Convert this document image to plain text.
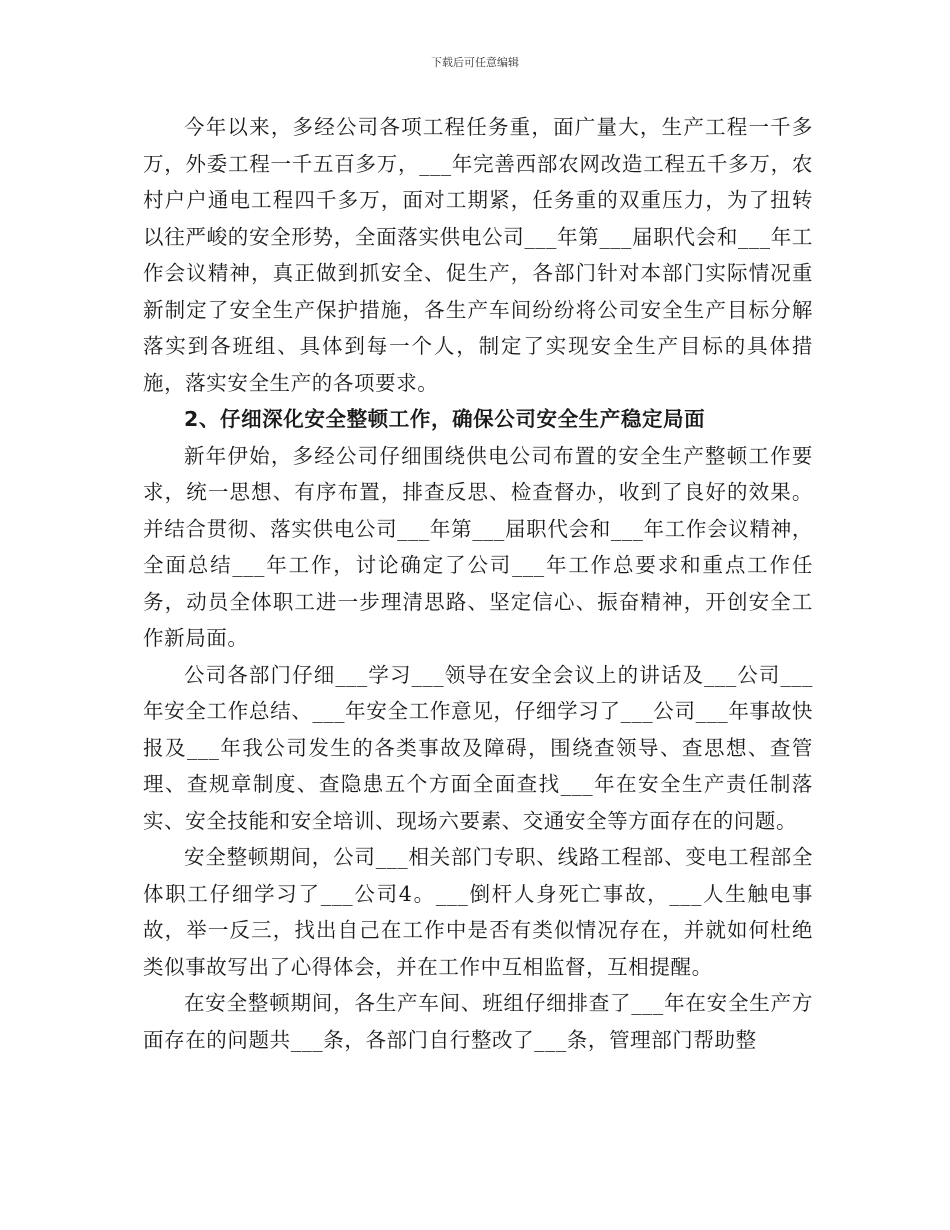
下载后可任意编辑

今年以来，多经公司各项工程任务重，面广量大，生产工程一千多万，外委工程一千五百多万，___年完善西部农网改造工程五千多万，农村户户通电工程四千多万，面对工期紧，任务重的双重压力，为了扭转以往严峻的安全形势，全面落实供电公司___年第___届职代会和___年工作会议精神，真正做到抓安全、促生产，各部门针对本部门实际情况重新制定了安全生产保护措施，各生产车间纷纷将公司安全生产目标分解落实到各班组、具体到每一个人，制定了实现安全生产目标的具体措施，落实安全生产的各项要求。

2、仔细深化安全整顿工作，确保公司安全生产稳定局面

新年伊始，多经公司仔细围绕供电公司布置的安全生产整顿工作要求，统一思想、有序布置，排查反思、检查督办，收到了良好的效果。并结合贯彻、落实供电公司___年第___届职代会和___年工作会议精神，全面总结___年工作，讨论确定了公司___年工作总要求和重点工作任务，动员全体职工进一步理清思路、坚定信心、振奋精神，开创安全工作新局面。

公司各部门仔细___学习___领导在安全会议上的讲话及___公司___年安全工作总结、___年安全工作意见，仔细学习了___公司___年事故快报及___年我公司发生的各类事故及障碍，围绕查领导、查思想、查管理、查规章制度、查隐患五个方面全面查找___年在安全生产责任制落实、安全技能和安全培训、现场六要素、交通安全等方面存在的问题。

安全整顿期间，公司___相关部门专职、线路工程部、变电工程部全体职工仔细学习了___公司4。___倒杆人身死亡事故，___人生触电事故，举一反三，找出自己在工作中是否有类似情况存在，并就如何杜绝类似事故写出了心得体会，并在工作中互相监督，互相提醒。

在安全整顿期间，各生产车间、班组仔细排查了___年在安全生产方面存在的问题共___条，各部门自行整改了___条，管理部门帮助整
